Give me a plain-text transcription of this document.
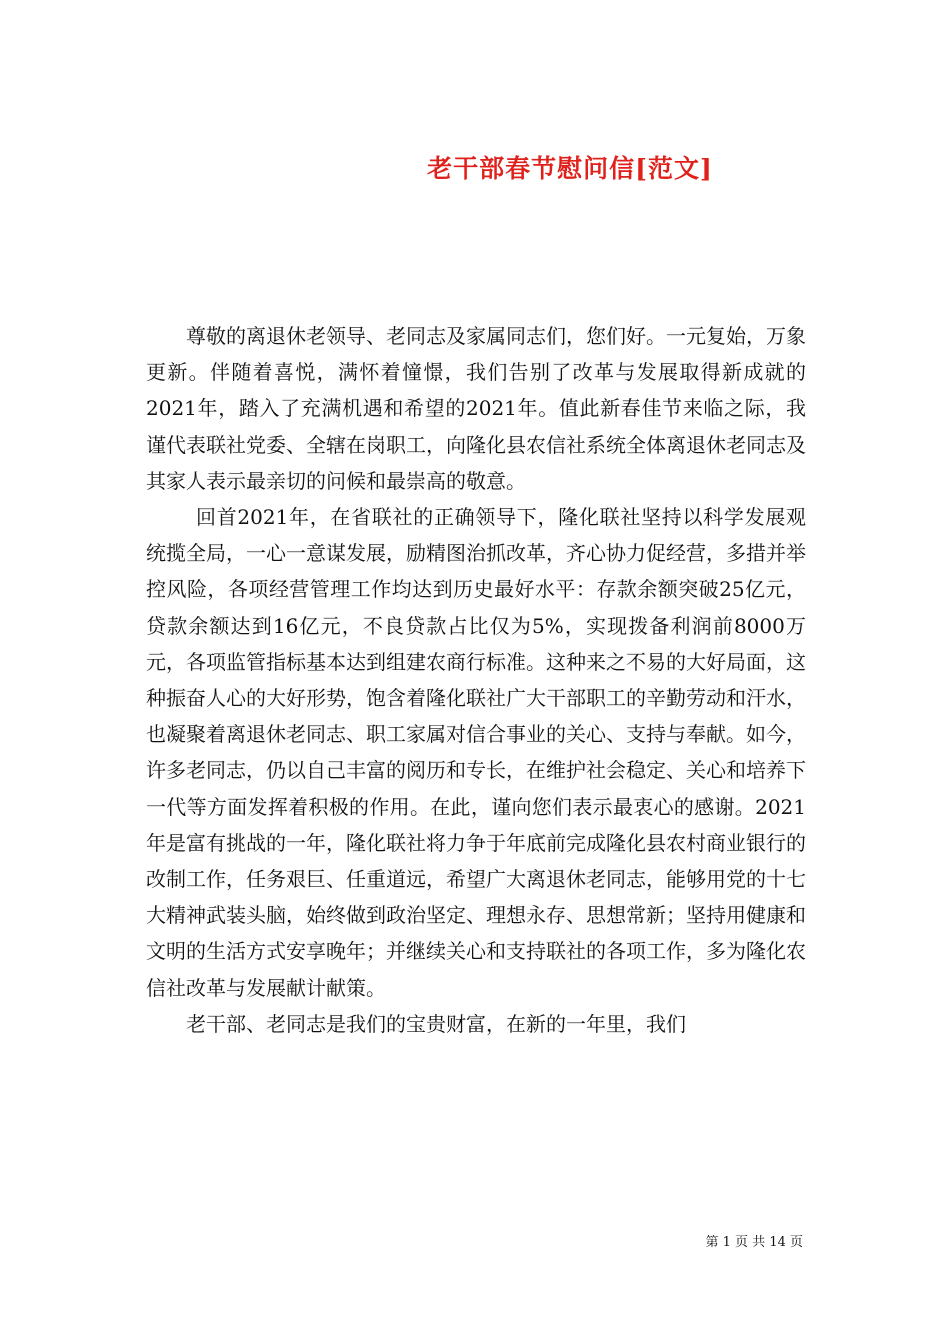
老干部春节慰问信[范文]

尊敬的离退休老领导、老同志及家属同志们，您们好。一元复始，万象更新。伴随着喜悦，满怀着憧憬，我们告别了改革与发展取得新成就的2021年，踏入了充满机遇和希望的2021年。值此新春佳节来临之际，我谨代表联社党委、全辖在岗职工，向隆化县农信社系统全体离退休老同志及其家人表示最亲切的问候和最崇高的敬意。

回首2021年，在省联社的正确领导下，隆化联社坚持以科学发展观统揽全局，一心一意谋发展，励精图治抓改革，齐心协力促经营，多措并举控风险，各项经营管理工作均达到历史最好水平：存款余额突破25亿元，贷款余额达到16亿元，不良贷款占比仅为5%，实现拨备利润前8000万元，各项监管指标基本达到组建农商行标准。这种来之不易的大好局面，这种振奋人心的大好形势，饱含着隆化联社广大干部职工的辛勤劳动和汗水，也凝聚着离退休老同志、职工家属对信合事业的关心、支持与奉献。如今，许多老同志，仍以自己丰富的阅历和专长，在维护社会稳定、关心和培养下一代等方面发挥着积极的作用。在此，谨向您们表示最衷心的感谢。2021年是富有挑战的一年，隆化联社将力争于年底前完成隆化县农村商业银行的改制工作，任务艰巨、任重道远，希望广大离退休老同志，能够用党的十七大精神武装头脑，始终做到政治坚定、理想永存、思想常新；坚持用健康和文明的生活方式安享晚年；并继续关心和支持联社的各项工作，多为隆化农信社改革与发展献计献策。

老干部、老同志是我们的宝贵财富，在新的一年里，我们

第 1 页 共 14 页
